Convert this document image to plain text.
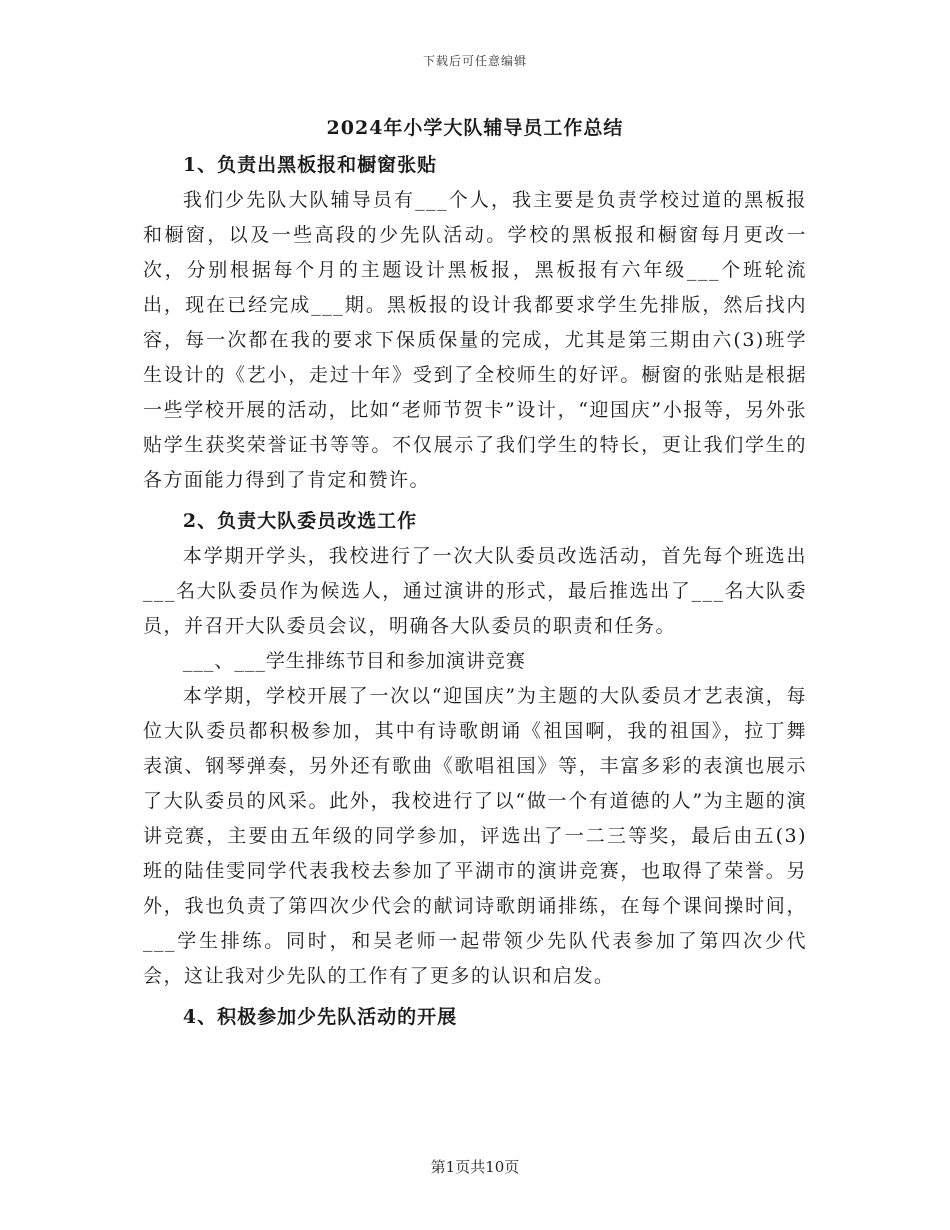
下载后可任意编辑
2024年小学大队辅导员工作总结
1、负责出黑板报和橱窗张贴
我们少先队大队辅导员有___个人，我主要是负责学校过道的黑板报和橱窗，以及一些高段的少先队活动。学校的黑板报和橱窗每月更改一次，分别根据每个月的主题设计黑板报，黑板报有六年级___个班轮流出，现在已经完成___期。黑板报的设计我都要求学生先排版，然后找内容，每一次都在我的要求下保质保量的完成，尤其是第三期由六(3)班学生设计的《艺小，走过十年》受到了全校师生的好评。橱窗的张贴是根据一些学校开展的活动，比如“老师节贺卡”设计，“迎国庆”小报等，另外张贴学生获奖荣誉证书等等。不仅展示了我们学生的特长，更让我们学生的各方面能力得到了肯定和赞许。
2、负责大队委员改选工作
本学期开学头，我校进行了一次大队委员改选活动，首先每个班选出___名大队委员作为候选人，通过演讲的形式，最后推选出了___名大队委员，并召开大队委员会议，明确各大队委员的职责和任务。
___、___学生排练节目和参加演讲竞赛
本学期，学校开展了一次以“迎国庆”为主题的大队委员才艺表演，每位大队委员都积极参加，其中有诗歌朗诵《祖国啊，我的祖国》，拉丁舞表演、钢琴弹奏，另外还有歌曲《歌唱祖国》等，丰富多彩的表演也展示了大队委员的风采。此外，我校进行了以“做一个有道德的人”为主题的演讲竞赛，主要由五年级的同学参加，评选出了一二三等奖，最后由五(3)班的陆佳雯同学代表我校去参加了平湖市的演讲竞赛，也取得了荣誉。另外，我也负责了第四次少代会的献词诗歌朗诵排练，在每个课间操时间，___学生排练。同时，和吴老师一起带领少先队代表参加了第四次少代会，这让我对少先队的工作有了更多的认识和启发。
4、积极参加少先队活动的开展
第1页共10页
